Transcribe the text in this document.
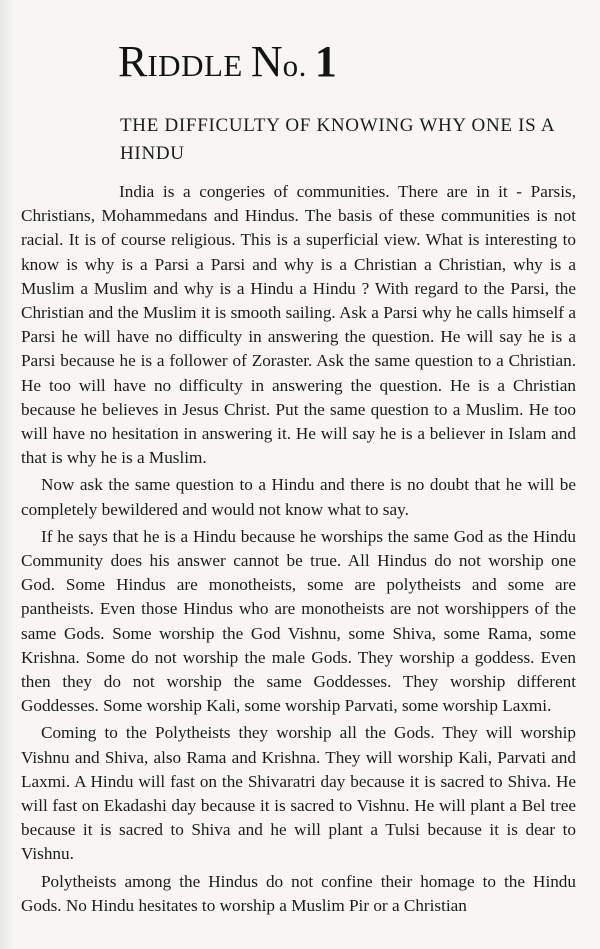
RIDDLE No. 1
THE DIFFICULTY OF KNOWING WHY ONE IS A HINDU

India is a congeries of communities. There are in it - Parsis, Christians, Mohammedans and Hindus. The basis of these communities is not racial. It is of course religious. This is a superficial view. What is interesting to know is why is a Parsi a Parsi and why is a Christian a Christian, why is a Muslim a Muslim and why is a Hindu a Hindu ? With regard to the Parsi, the Christian and the Muslim it is smooth sailing. Ask a Parsi why he calls himself a Parsi he will have no difficulty in answering the question. He will say he is a Parsi because he is a follower of Zoraster. Ask the same question to a Christian. He too will have no difficulty in answering the question. He is a Christian because he believes in Jesus Christ. Put the same question to a Muslim. He too will have no hesitation in answering it. He will say he is a believer in Islam and that is why he is a Muslim.

Now ask the same question to a Hindu and there is no doubt that he will be completely bewildered and would not know what to say.

If he says that he is a Hindu because he worships the same God as the Hindu Community does his answer cannot be true. All Hindus do not worship one God. Some Hindus are monotheists, some are polytheists and some are pantheists. Even those Hindus who are monotheists are not worshippers of the same Gods. Some worship the God Vishnu, some Shiva, some Rama, some Krishna. Some do not worship the male Gods. They worship a goddess. Even then they do not worship the same Goddesses. They worship different Goddesses. Some worship Kali, some worship Parvati, some worship Laxmi.

Coming to the Polytheists they worship all the Gods. They will worship Vishnu and Shiva, also Rama and Krishna. They will worship Kali, Parvati and Laxmi. A Hindu will fast on the Shivaratri day because it is sacred to Shiva. He will fast on Ekadashi day because it is sacred to Vishnu. He will plant a Bel tree because it is sacred to Shiva and he will plant a Tulsi because it is dear to Vishnu.

Polytheists among the Hindus do not confine their homage to the Hindu Gods. No Hindu hesitates to worship a Muslim Pir or a Christian
